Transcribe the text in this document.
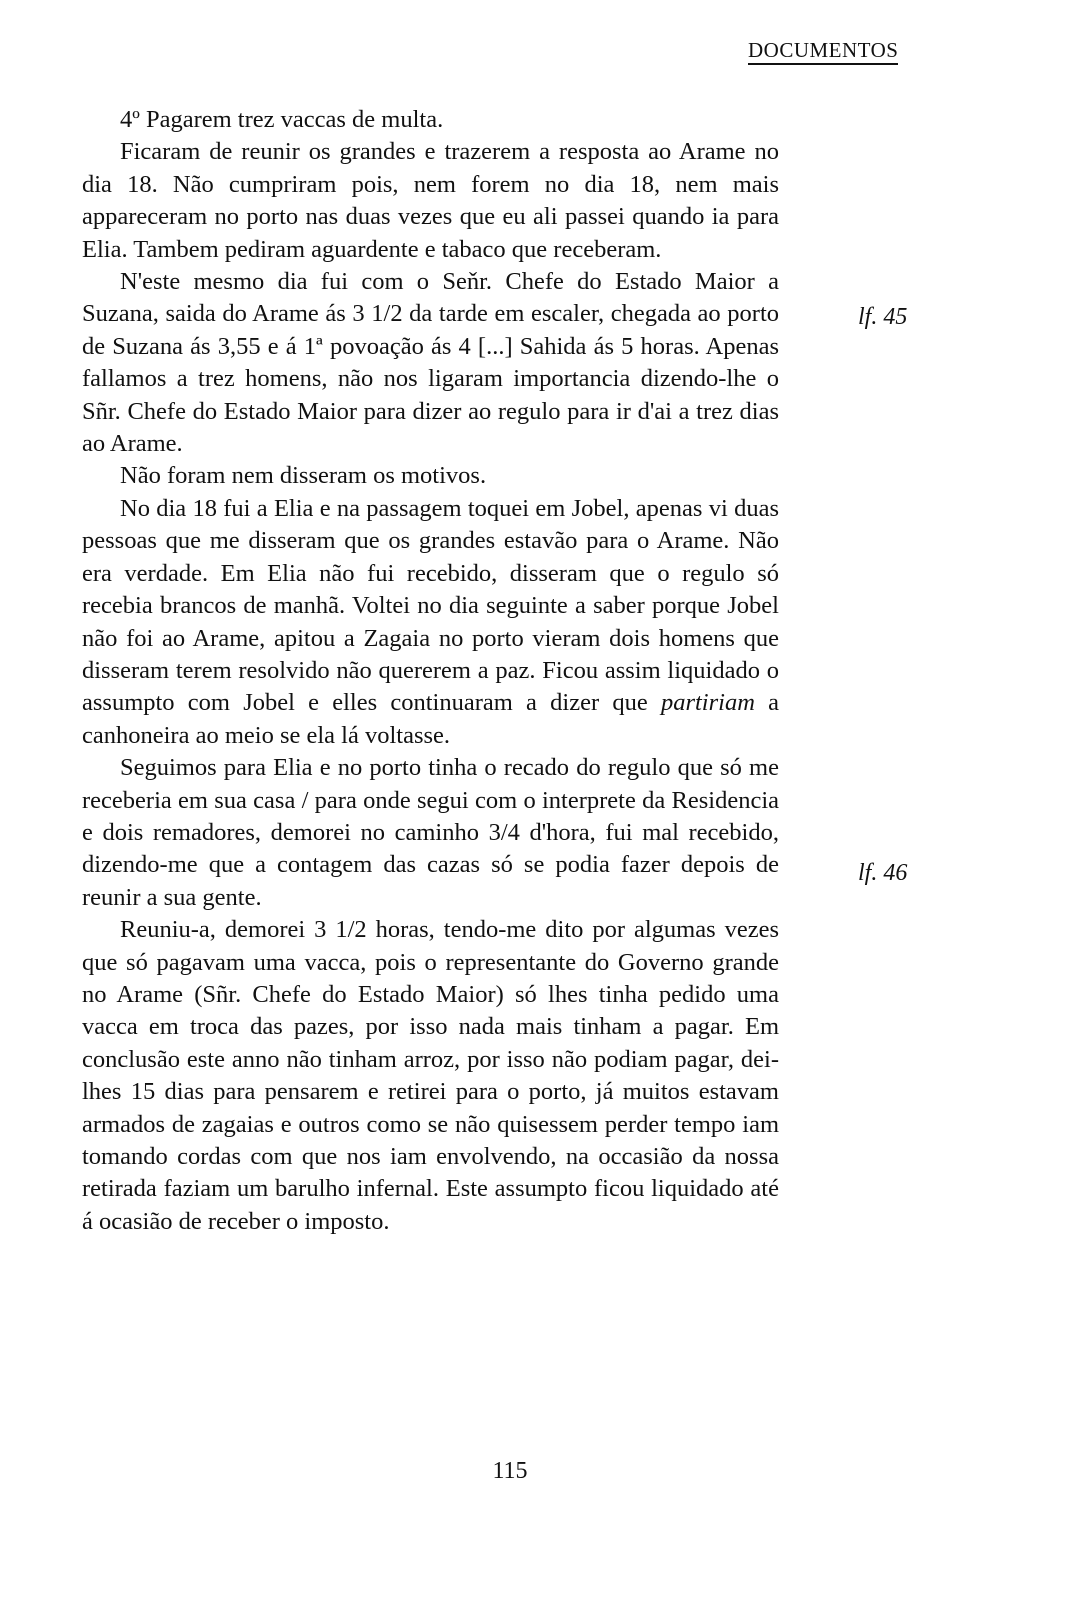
DOCUMENTOS

4º Pagarem trez vaccas de multa.

Ficaram de reunir os grandes e trazerem a resposta ao Arame no dia 18. Não cumpriram pois, nem forem no dia 18, nem mais appareceram no porto nas duas vezes que eu ali passei quando ia para Elia. Tambem pediram aguardente e tabaco que receberam.

N'este mesmo dia fui com o Seňr. Chefe do Estado Maior a Suzana, saida do Arame ás 3 1/2 da tarde em escaler, chegada ao porto de Suzana ás 3,55 e á 1ª povoação ás 4 [...] Sahida ás 5 horas. Apenas fallamos a trez homens, não nos ligaram importancia dizendo-lhe o Sñr. Chefe do Estado Maior para dizer ao regulo para ir d'ai a trez dias ao Arame.

Não foram nem disseram os motivos.

No dia 18 fui a Elia e na passagem toquei em Jobel, apenas vi duas pessoas que me disseram que os grandes estavão para o Arame. Não era verdade. Em Elia não fui recebido, disseram que o regulo só recebia brancos de manhã. Voltei no dia seguinte a saber porque Jobel não foi ao Arame, apitou a Zagaia no porto vieram dois homens que disseram terem resolvido não quererem a paz. Ficou assim liquidado o assumpto com Jobel e elles continuaram a dizer que partiriam a canhoneira ao meio se ela lá voltasse.

Seguimos para Elia e no porto tinha o recado do regulo que só me receberia em sua casa / para onde segui com o interprete da Residencia e dois remadores, demorei no caminho 3/4 d'hora, fui mal recebido, dizendo-me que a contagem das cazas só se podia fazer depois de reunir a sua gente.

Reuniu-a, demorei 3 1/2 horas, tendo-me dito por algumas vezes que só pagavam uma vacca, pois o representante do Governo grande no Arame (Sñr. Chefe do Estado Maior) só lhes tinha pedido uma vacca em troca das pazes, por isso nada mais tinham a pagar. Em conclusão este anno não tinham arroz, por isso não podiam pagar, dei-lhes 15 dias para pensarem e retirei para o porto, já muitos estavam armados de zagaias e outros como se não quisessem perder tempo iam tomando cordas com que nos iam envolvendo, na occasião da nossa retirada faziam um barulho infernal. Este assumpto ficou liquidado até á ocasião de receber o imposto.

lf. 45
lf. 46
115
